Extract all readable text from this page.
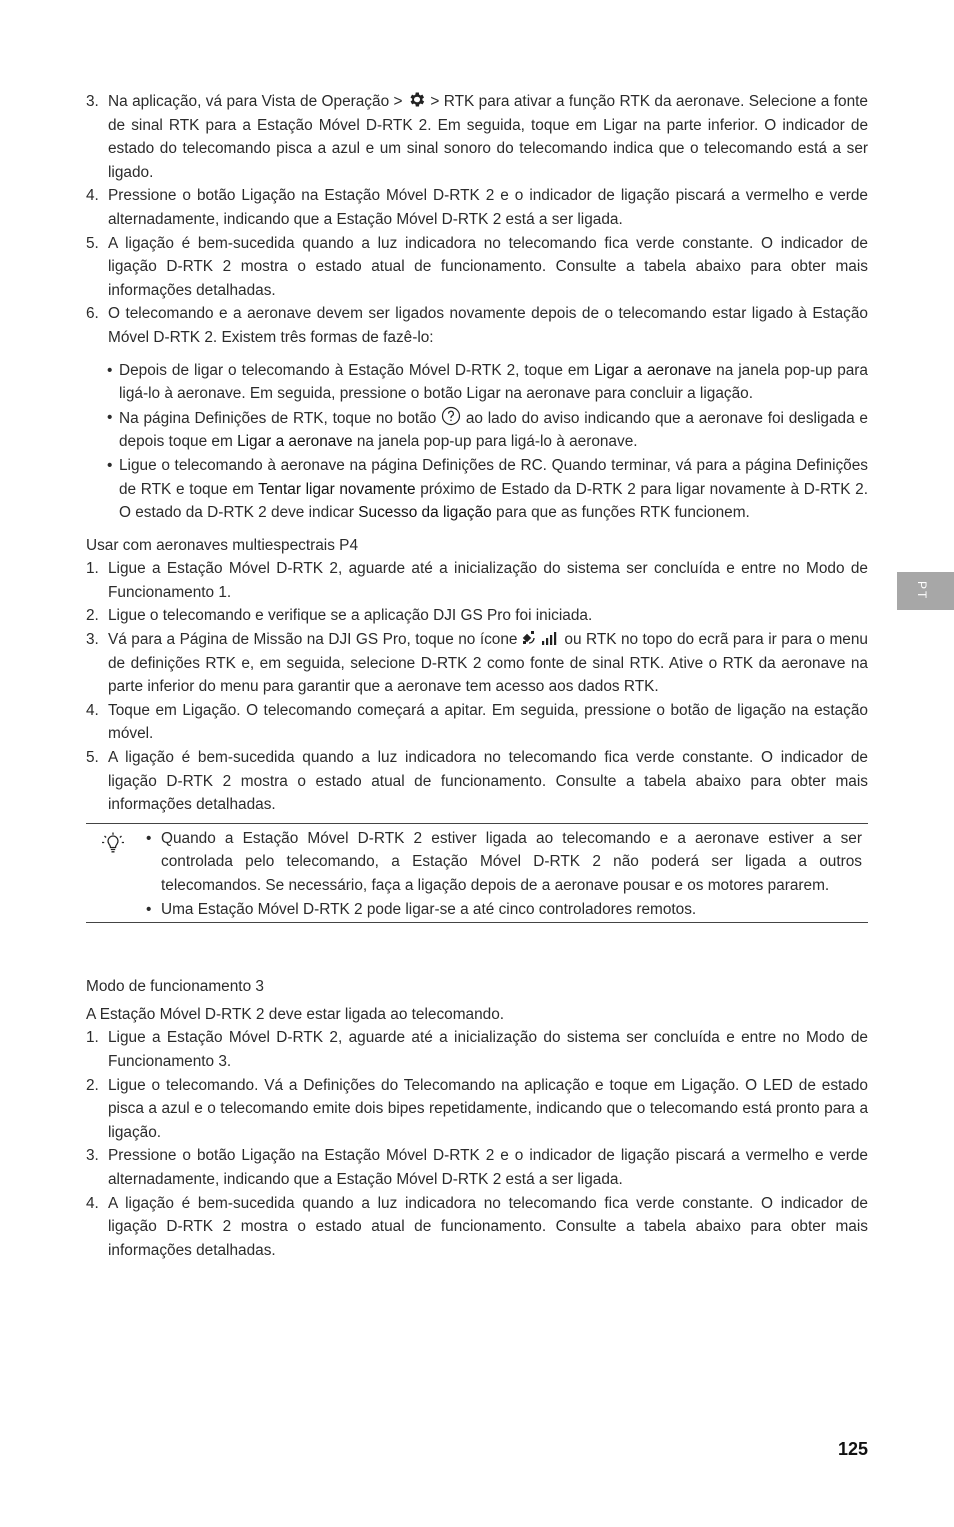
3. Na aplicação, vá para Vista de Operação >  > RTK para ativar a função RTK da aeronave. Selecione a fonte de sinal RTK para a Estação Móvel D-RTK 2. Em seguida, toque em Ligar na parte inferior. O indicador de estado do telecomando pisca a azul e um sinal sonoro do telecomando indica que o telecomando está a ser ligado.

4. Pressione o botão Ligação na Estação Móvel D-RTK 2 e o indicador de ligação piscará a vermelho e verde alternadamente, indicando que a Estação Móvel D-RTK 2 está a ser ligada.

5. A ligação é bem-sucedida quando a luz indicadora no telecomando fica verde constante. O indicador de ligação D-RTK 2 mostra o estado atual de funcionamento. Consulte a tabela abaixo para obter mais informações detalhadas.

6. O telecomando e a aeronave devem ser ligados novamente depois de o telecomando estar ligado à Estação Móvel D-RTK 2. Existem três formas de fazê-lo:

• Depois de ligar o telecomando à Estação Móvel D-RTK 2, toque em Ligar a aeronave na janela pop-up para ligá-lo à aeronave. Em seguida, pressione o botão Ligar na aeronave para concluir a ligação.

• Na página Definições de RTK, toque no botão  ao lado do aviso indicando que a aeronave foi desligada e depois toque em Ligar a aeronave na janela pop-up para ligá-lo à aeronave.

• Ligue o telecomando à aeronave na página Definições de RC. Quando terminar, vá para a página Definições de RTK e toque em Tentar ligar novamente próximo de Estado da D-RTK 2 para ligar novamente à D-RTK 2. O estado da D-RTK 2 deve indicar Sucesso da ligação para que as funções RTK funcionem.

Usar com aeronaves multiespectrais P4

1. Ligue a Estação Móvel D-RTK 2, aguarde até a inicialização do sistema ser concluída e entre no Modo de Funcionamento 1.

2. Ligue o telecomando e verifique se a aplicação DJI GS Pro foi iniciada.

3. Vá para a Página de Missão na DJI GS Pro, toque no ícone  ou RTK no topo do ecrã para ir para o menu de definições RTK e, em seguida, selecione D-RTK 2 como fonte de sinal RTK. Ative o RTK da aeronave na parte inferior do menu para garantir que a aeronave tem acesso aos dados RTK.

4. Toque em Ligação. O telecomando começará a apitar. Em seguida, pressione o botão de ligação na estação móvel.

5. A ligação é bem-sucedida quando a luz indicadora no telecomando fica verde constante. O indicador de ligação D-RTK 2 mostra o estado atual de funcionamento. Consulte a tabela abaixo para obter mais informações detalhadas.

• Quando a Estação Móvel D-RTK 2 estiver ligada ao telecomando e a aeronave estiver a ser controlada pelo telecomando, a Estação Móvel D-RTK 2 não poderá ser ligada a outros telecomandos. Se necessário, faça a ligação depois de a aeronave pousar e os motores pararem.

• Uma Estação Móvel D-RTK 2 pode ligar-se a até cinco controladores remotos.

Modo de funcionamento 3

A Estação Móvel D-RTK 2 deve estar ligada ao telecomando.

1. Ligue a Estação Móvel D-RTK 2, aguarde até a inicialização do sistema ser concluída e entre no Modo de Funcionamento 3.

2. Ligue o telecomando. Vá a Definições do Telecomando na aplicação e toque em Ligação. O LED de estado pisca a azul e o telecomando emite dois bipes repetidamente, indicando que o telecomando está pronto para a ligação.

3. Pressione o botão Ligação na Estação Móvel D-RTK 2 e o indicador de ligação piscará a vermelho e verde alternadamente, indicando que a Estação Móvel D-RTK 2 está a ser ligada.

4. A ligação é bem-sucedida quando a luz indicadora no telecomando fica verde constante. O indicador de ligação D-RTK 2 mostra o estado atual de funcionamento. Consulte a tabela abaixo para obter mais informações detalhadas.

PT
125
